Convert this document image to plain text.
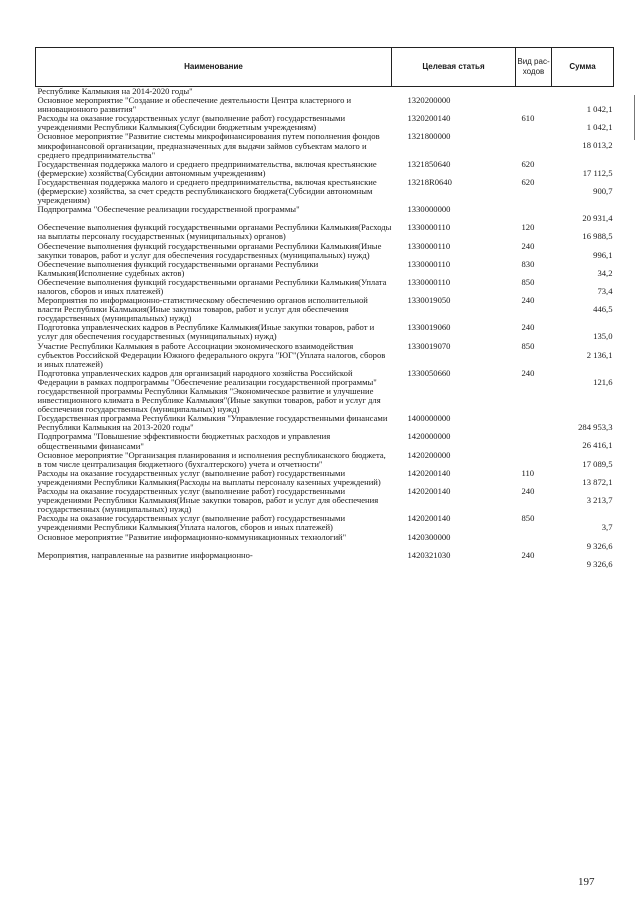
Наименование	Целевая статья	Вид рас-ходов	Сумма
Республике Калмыкия на 2014-2020 годы"			
Основное мероприятие "Создание и обеспечение деятельности Центра кластерного и инновационного развития"	1320200000		1 042,1
Расходы на оказание государственных услуг (выполнение работ) государственными учреждениями Республики Калмыкия(Субсидии бюджетным учреждениям)	1320200140	610	1 042,1
Основное мероприятие "Развитие системы микрофинансирования путем пополнения фондов микрофинансовой организации, предназначенных для выдачи займов субъектам малого и среднего предпринимательства"	1321800000		18 013,2
Государственная поддержка малого и среднего предпринимательства, включая крестьянские (фермерские) хозяйства(Субсидии автономным учреждениям)	1321850640	620	17 112,5
Государственная поддержка малого и среднего предпринимательства, включая крестьянские (фермерские) хозяйства, за счет средств республиканского бюджета(Субсидии автономным учреждениям)	13218R0640	620	900,7
Подпрограмма "Обеспечение реализации государственной программы"	1330000000		20 931,4
Обеспечение выполнения функций государственными органами Республики Калмыкия(Расходы на выплаты персоналу государственных (муниципальных) органов)	1330000110	120	16 988,5
Обеспечение выполнения функций государственными органами Республики Калмыкия(Иные закупки товаров, работ и услуг для обеспечения государственных (муниципальных) нужд)	1330000110	240	996,1
Обеспечение выполнения функций государственными органами Республики Калмыкия(Исполнение судебных актов)	1330000110	830	34,2
Обеспечение выполнения функций государственными органами Республики Калмыкия(Уплата налогов, сборов и иных платежей)	1330000110	850	73,4
Мероприятия по информационно-статистическому обеспечению органов исполнительной власти Республики Калмыкия(Иные закупки товаров, работ и услуг для обеспечения государственных (муниципальных) нужд)	1330019050	240	446,5
Подготовка управленческих кадров в Республике Калмыкия(Иные закупки товаров, работ и услуг для обеспечения государственных (муниципальных) нужд)	1330019060	240	135,0
Участие Республики Калмыкия в работе Ассоциации экономического взаимодействия субъектов Российской Федерации Южного федерального округа "ЮГ"(Уплата налогов, сборов и иных платежей)	1330019070	850	2 136,1
Подготовка управленческих кадров для организаций народного хозяйства Российской Федерации в рамках подпрограммы "Обеспечение реализации государственной программы" государственной программы Республики Калмыкия "Экономическое развитие и улучшение инвестиционного климата в Республике Калмыкия"(Иные закупки товаров, работ и услуг для обеспечения государственных (муниципальных) нужд)	1330050660	240	121,6
Государственная программа Республики Калмыкия "Управление государственными финансами Республики Калмыкия на 2013-2020 годы"	1400000000		284 953,3
Подпрограмма "Повышение эффективности бюджетных расходов и управления общественными финансами"	1420000000		26 416,1
Основное мероприятие "Организация планирования и исполнения республиканского бюджета, в том числе централизация бюджетного (бухгалтерского) учета и отчетности"	1420200000		17 089,5
Расходы на оказание государственных услуг (выполнение работ) государственными учреждениями Республики Калмыкия(Расходы на выплаты персоналу казенных учреждений)	1420200140	110	13 872,1
Расходы на оказание государственных услуг (выполнение работ) государственными учреждениями Республики Калмыкия(Иные закупки товаров, работ и услуг для обеспечения государственных (муниципальных) нужд)	1420200140	240	3 213,7
Расходы на оказание государственных услуг (выполнение работ) государственными учреждениями Республики Калмыкия(Уплата налогов, сборов и иных платежей)	1420200140	850	3,7
Основное мероприятие "Развитие информационно-коммуникационных технологий"	1420300000		9 326,6
Мероприятия, направленные на развитие информационно-	1420321030	240	9 326,6
197
